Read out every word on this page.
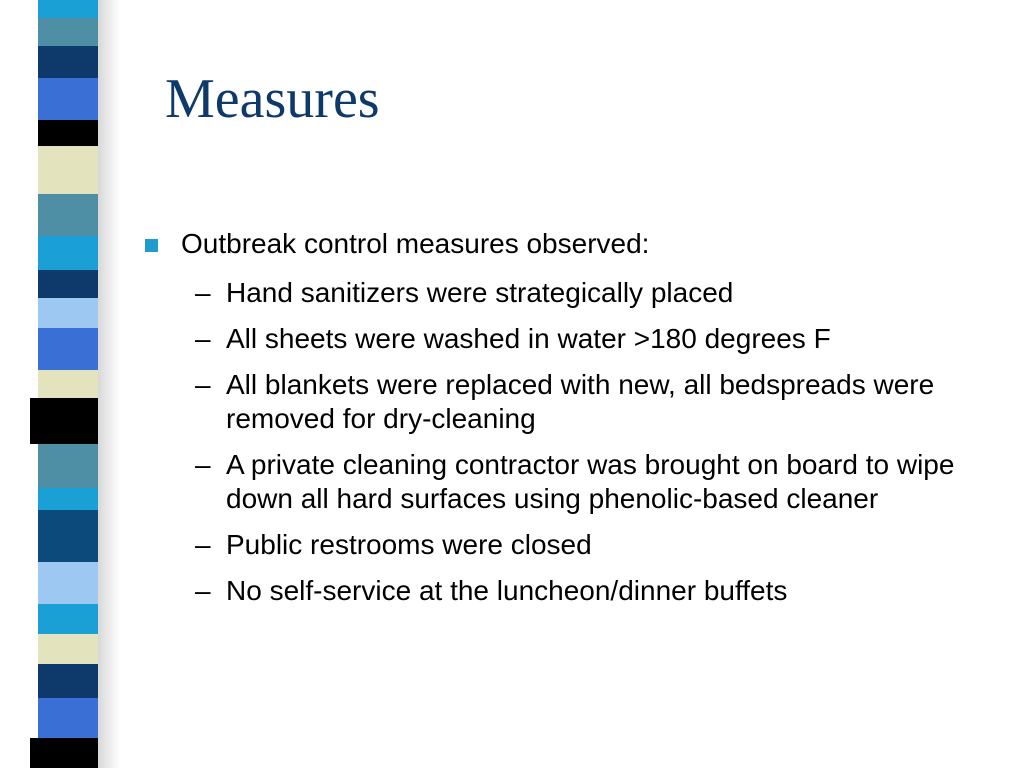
Measures
Outbreak control measures observed:
– Hand sanitizers were strategically placed
– All sheets were washed in water >180 degrees F
– All blankets were replaced with new, all bedspreads were removed for dry-cleaning
– A private cleaning contractor was brought on board to wipe down all hard surfaces using phenolic-based cleaner
– Public restrooms were closed
– No self-service at the luncheon/dinner buffets
